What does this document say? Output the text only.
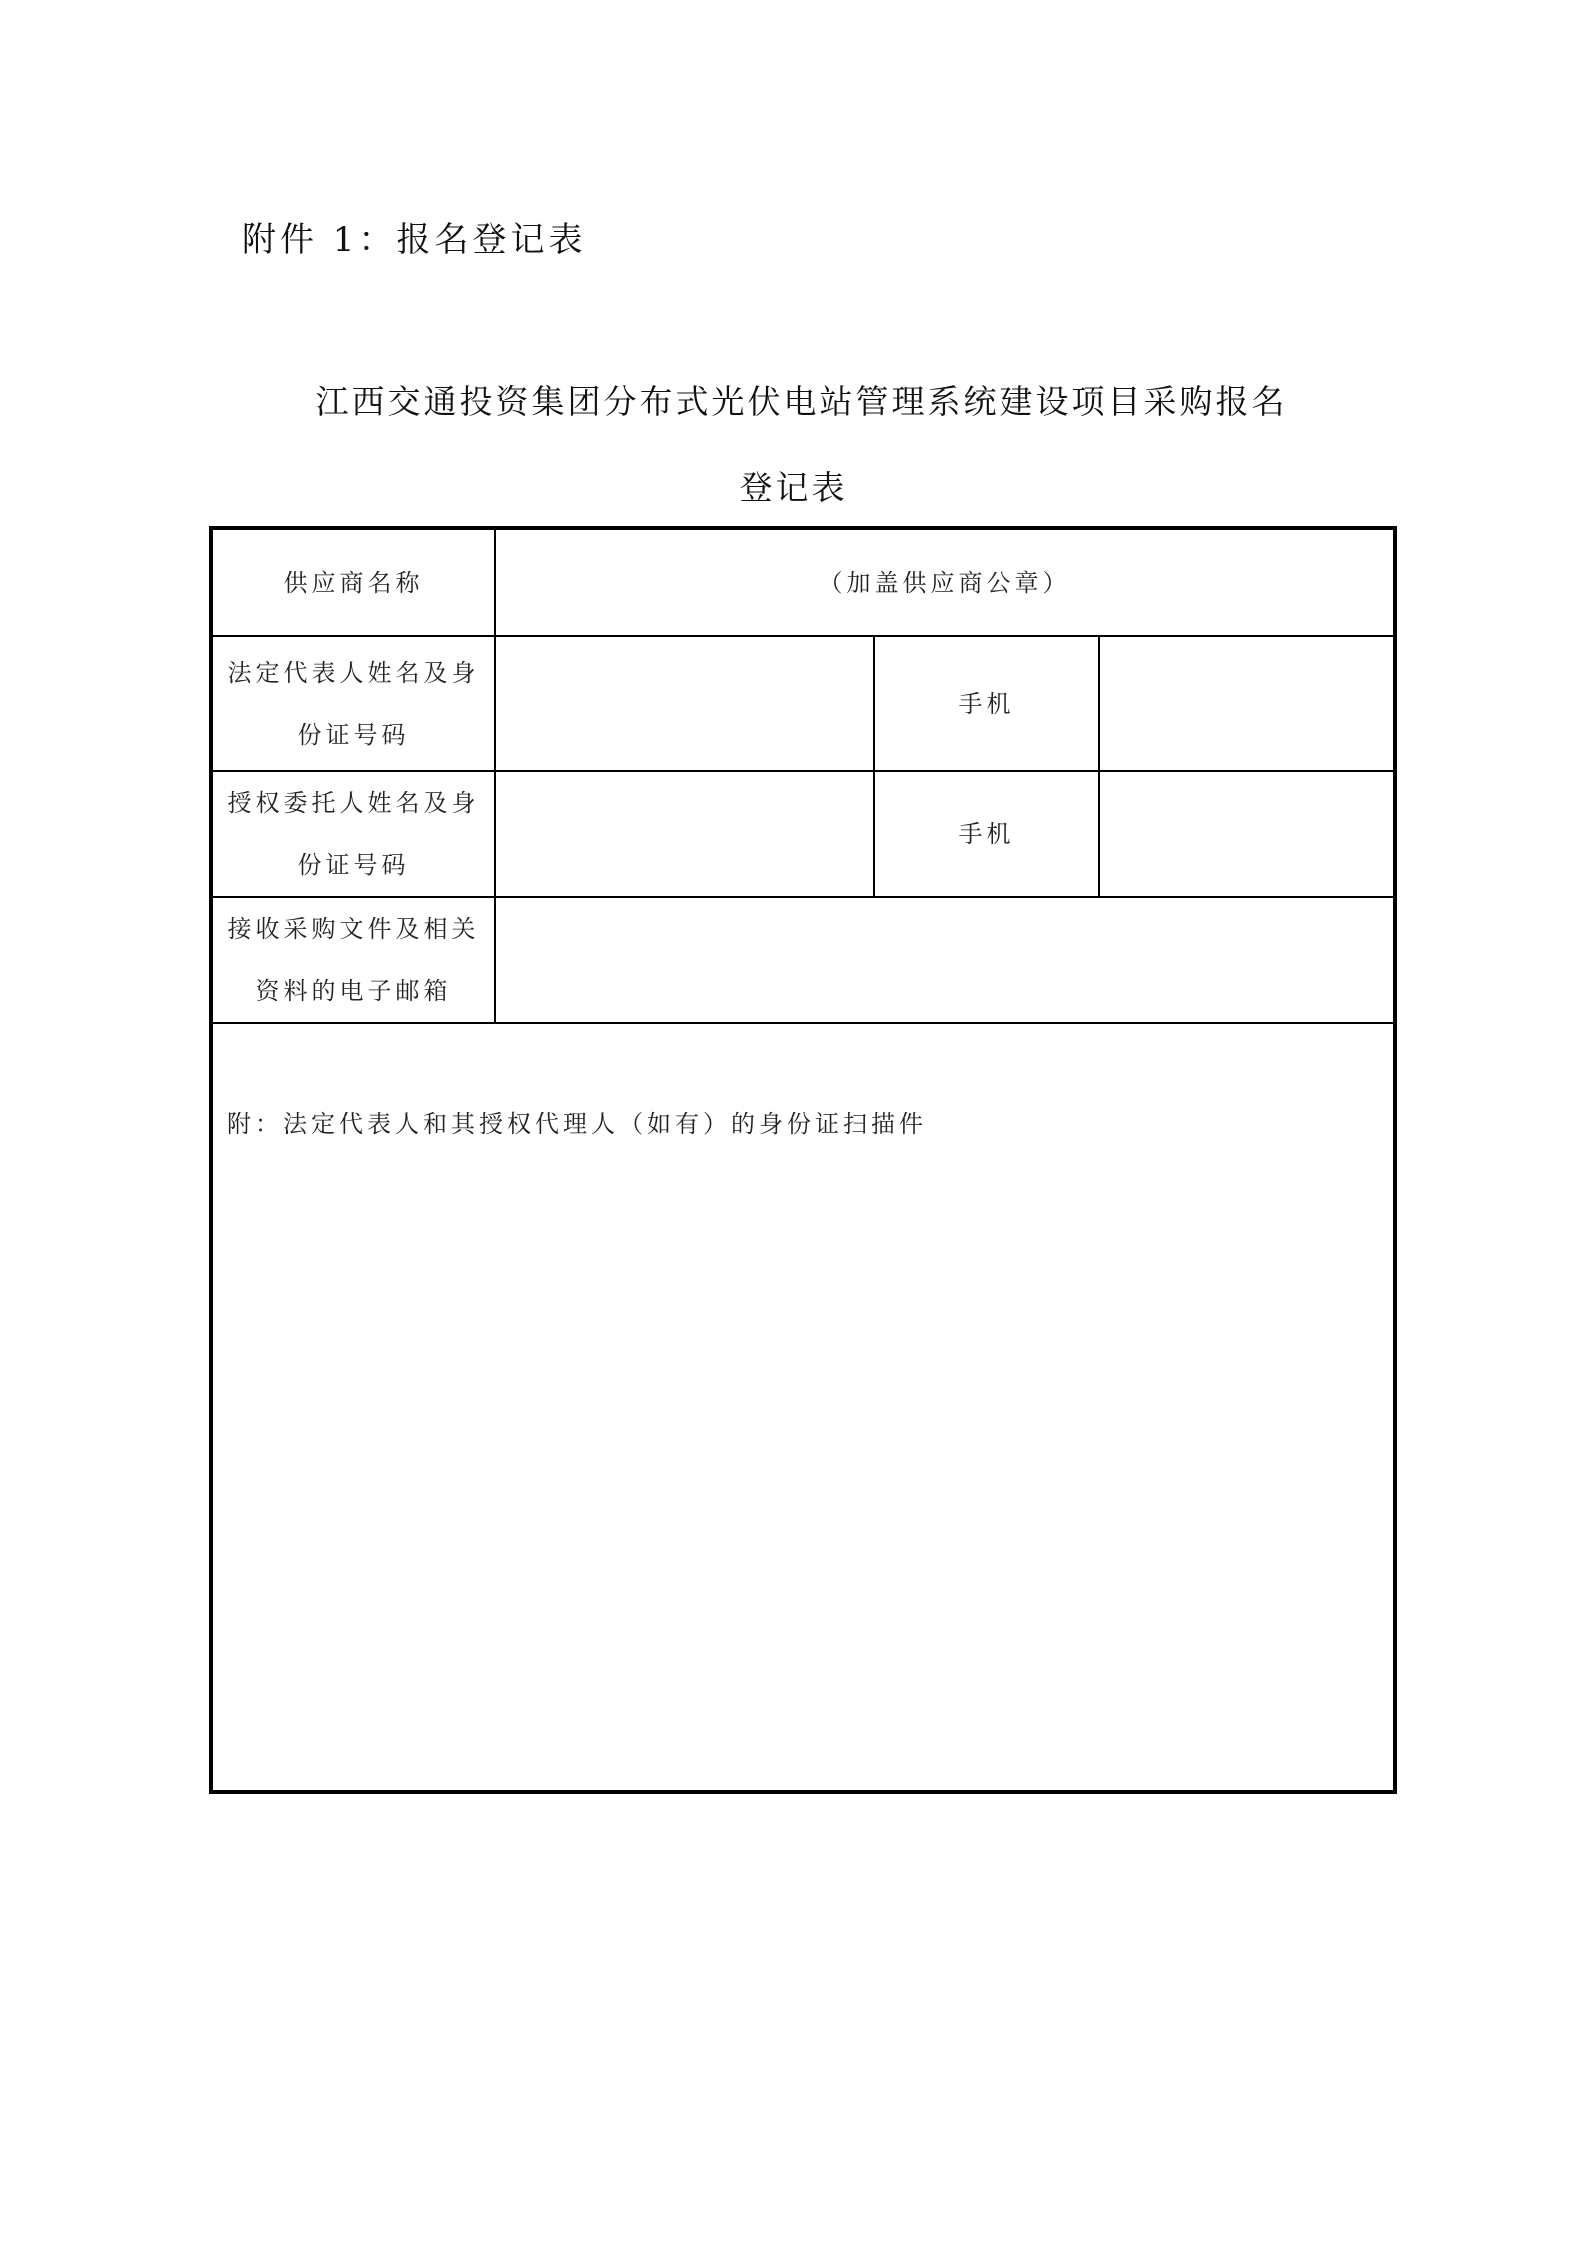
附件 1：报名登记表
江西交通投资集团分布式光伏电站管理系统建设项目采购报名
登记表
供应商名称	（加盖供应商公章）
法定代表人姓名及身
份证号码
手机
授权委托人姓名及身
份证号码
手机
接收采购文件及相关
资料的电子邮箱
附：法定代表人和其授权代理人（如有）的身份证扫描件
